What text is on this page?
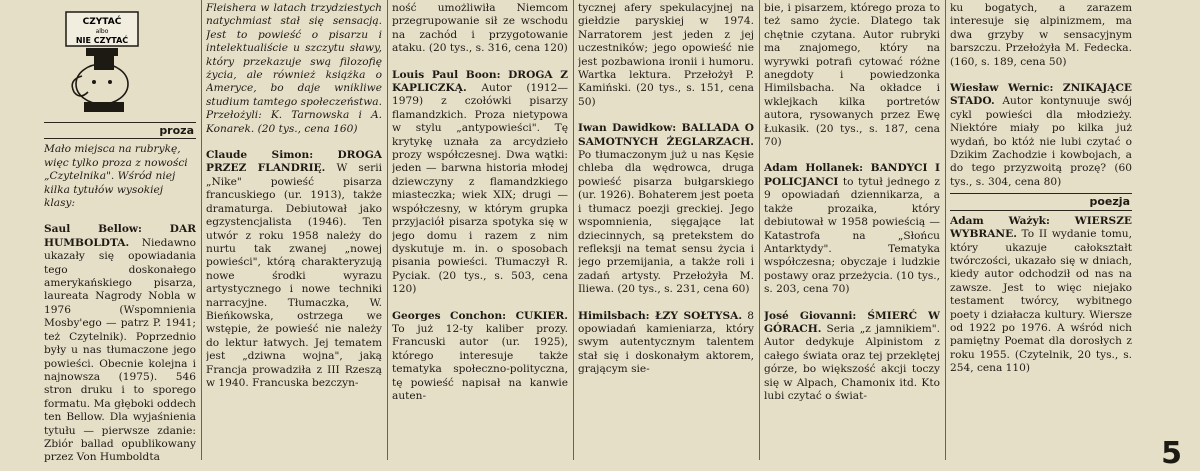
CZYTAĆ
albo
NIE CZYTAĆ
proza

Mało miejsca na rubrykę, więc tylko proza z nowości „Czytelnika". Wśród niej kilka tytułów wysokiej klasy:

Saul Bellow: DAR HUMBOLDTA. Niedawno ukazały się opowiadania tego doskonałego amerykańskiego pisarza, laureata Nagrody Nobla w 1976 (Wspomnienia Mosby'ego — patrz P. 1941; też Czytelnik). Poprzednio były u nas tłumaczone jego powieści. Obecnie kolejna i najnowsza (1975). 546 stron druku i to sporego formatu. Ma głęboki oddech ten Bellow. Dla wyjaśnienia tytułu — pierwsze zdanie: Zbiór ballad opublikowany przez Von Humboldta

Fleishera w latach trzydziestych natychmiast stał się sensacją. Jest to powieść o pisarzu i intelektualiście u szczytu sławy, który przekazuje swą filozofię życia, ale również książka o Ameryce, bo daje wnikliwe studium tamtego społeczeństwa. Przełożyli: K. Tarnowska i A. Konarek. (20 tys., cena 160)

Claude Simon: DROGA PRZEZ FLANDRIĘ. W serii „Nike" powieść pisarza francuskiego (ur. 1913), także dramaturga. Debiutował jako egzystencjalista (1946). Ten utwór z roku 1958 należy do nurtu tak zwanej „nowej powieści", którą charakteryzują nowe środki wyrazu artystycznego i nowe techniki narracyjne. Tłumaczka, W. Bieńkowska, ostrzega we wstępie, że powieść nie należy do lektur łatwych. Jej tematem jest „dziwna wojna", jaką Francja prowadziła z III Rzeszą w 1940. Francuska bezczyn-

ność umożliwiła Niemcom przegrupowanie sił ze wschodu na zachód i przygotowanie ataku. (20 tys., s. 316, cena 120)

Louis Paul Boon: DROGA Z KAPLICZKĄ. Autor (1912—1979) z czołówki pisarzy flamandzkich. Proza nietypowa w stylu „antypowieści". Tę krytykę uznała za arcydzieło prozy współczesnej. Dwa wątki: jeden — barwna historia młodej dziewczyny z flamandzkiego miasteczka; wiek XIX; drugi — współczesny, w którym grupka przyjaciół pisarza spotyka się w jego domu i razem z nim dyskutuje m. in. o sposobach pisania powieści. Tłumaczył R. Pyciak. (20 tys., s. 503, cena 120)

Georges Conchon: CUKIER. To już 12-ty kaliber prozy. Francuski autor (ur. 1925), którego interesuje także tematyka społeczno-polityczna, tę powieść napisał na kanwie auten-

tycznej afery spekulacyjnej na giełdzie paryskiej w 1974. Narratorem jest jeden z jej uczestników; jego opowieść nie jest pozbawiona ironii i humoru. Wartka lektura. Przełożył P. Kamiński. (20 tys., s. 151, cena 50)

Iwan Dawidkow: BALLADA O SAMOTNYCH ŻEGLARZACH. Po tłumaczonym już u nas Kęsie chleba dla wędrowca, druga powieść pisarza bułgarskiego (ur. 1926). Bohaterem jest poeta i tłumacz poezji greckiej. Jego wspomnienia, sięgające lat dziecinnych, są pretekstem do refleksji na temat sensu życia i jego przemijania, a także roli i zadań artysty. Przełożyła M. Iliewa. (20 tys., s. 231, cena 60)

Himilsbach: ŁZY SOŁTYSA. 8 opowiadań kamieniarza, który swym autentycznym talentem stał się i doskonałym aktorem, grającym sie-

bie, i pisarzem, którego proza to też samo życie. Dlatego tak chętnie czytana. Autor rubryki ma znajomego, który na wyrywki potrafi cytować różne anegdoty i powiedzonka Himilsbacha. Na okładce i wklejkach kilka portretów autora, rysowanych przez Ewę Łukasik. (20 tys., s. 187, cena 70)

Adam Hollanek: BANDYCI I POLICJANCI to tytuł jednego z 9 opowiadań dziennikarza, a także prozaika, który debiutował w 1958 powieścią — Katastrofa na „Słońcu Antarktydy". Tematyka współczesna; obyczaje i ludzkie postawy oraz przeżycia. (10 tys., s. 203, cena 70)

José Giovanni: ŚMIERĆ W GÓRACH. Seria „z jamnikiem". Autor dedykuje Alpinistom z całego świata oraz tej przeklętej górze, bo większość akcji toczy się w Alpach, Chamonix itd. Kto lubi czytać o świat-

ku bogatych, a zarazem interesuje się alpinizmem, ma dwa grzyby w sensacyjnym barszczu. Przełożyła M. Fedecka. (160, s. 189, cena 50)

Wiesław Wernic: ZNIKAJĄCE STADO. Autor kontynuuje swój cykl powieści dla młodzieży. Niektóre miały po kilka już wydań, bo któż nie lubi czytać o Dzikim Zachodzie i kowbojach, a do tego przyzwoitą prozę? (60 tys., s. 304, cena 80)

poezja

Adam Ważyk: WIERSZE WYBRANE. To II wydanie tomu, który ukazuje całokształt twórczości, ukazało się w dniach, kiedy autor odchodził od nas na zawsze. Jest to więc niejako testament twórcy, wybitnego poety i działacza kultury. Wiersze od 1922 po 1976. A wśród nich pamiętny Poemat dla dorosłych z roku 1955. (Czytelnik, 20 tys., s. 254, cena 110)

5
